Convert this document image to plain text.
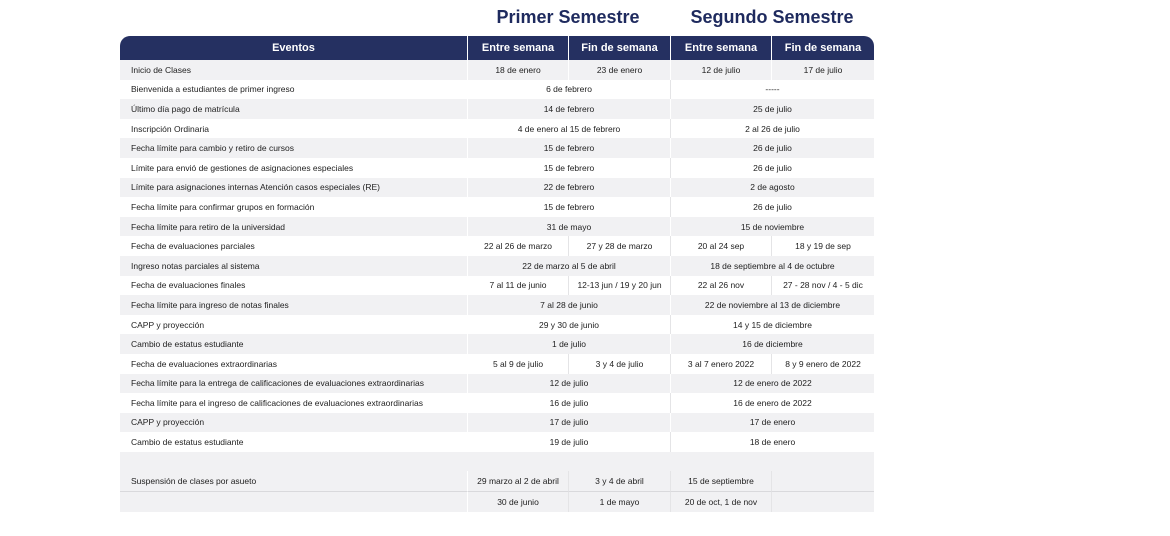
Primer Semestre	Segundo Semestre
Eventos	Entre semana	Fin de semana	Entre semana	Fin de semana
Inicio de Clases	18 de enero	23 de enero	12 de julio	17 de julio
Bienvenida a estudiantes de primer ingreso	6 de febrero		-----	
Último día pago de matrícula	14 de febrero		25 de julio	
Inscripción Ordinaria	4 de enero al 15 de febrero		2 al 26 de julio	
Fecha límite para cambio y retiro de cursos	15 de febrero		26 de julio	
Límite para envió de gestiones de asignaciones especiales	15 de febrero		26 de julio	
Límite para asignaciones internas Atención casos especiales (RE)	22 de febrero		2 de agosto	
Fecha límite para confirmar grupos en formación	15 de febrero		26 de julio	
Fecha límite para retiro de la universidad	31 de mayo		15 de noviembre	
Fecha de evaluaciones parciales	22 al 26 de marzo	27 y 28 de marzo	20 al 24 sep	18 y 19 de sep
Ingreso notas parciales al sistema	22 de marzo al 5 de abril		18 de septiembre al 4 de octubre	
Fecha de evaluaciones finales	7 al 11 de junio	12-13 jun / 19 y 20 jun	22 al 26 nov	27 - 28 nov / 4 - 5 dic
Fecha límite para ingreso de notas finales	7 al 28 de junio		22 de noviembre al 13 de diciembre	
CAPP y proyección	29 y 30 de junio		14 y 15 de diciembre	
Cambio de estatus estudiante	1 de julio		16 de diciembre	
Fecha de evaluaciones extraordinarias	5 al 9 de julio	3 y 4 de julio	3 al 7 enero 2022	8 y 9 enero de 2022
Fecha límite para la entrega de calificaciones de evaluaciones extraordinarias	12 de julio		12 de enero de 2022	
Fecha límite para el ingreso de calificaciones de evaluaciones extraordinarias	16 de julio		16 de enero de 2022	
CAPP y proyección	17 de julio		17 de enero	
Cambio de estatus estudiante	19 de julio		18 de enero	

Suspensión de clases por asueto	29 marzo al 2 de abril	3 y 4 de abril	15 de septiembre	
	30 de junio	1 de mayo	20 de oct, 1 de nov	
